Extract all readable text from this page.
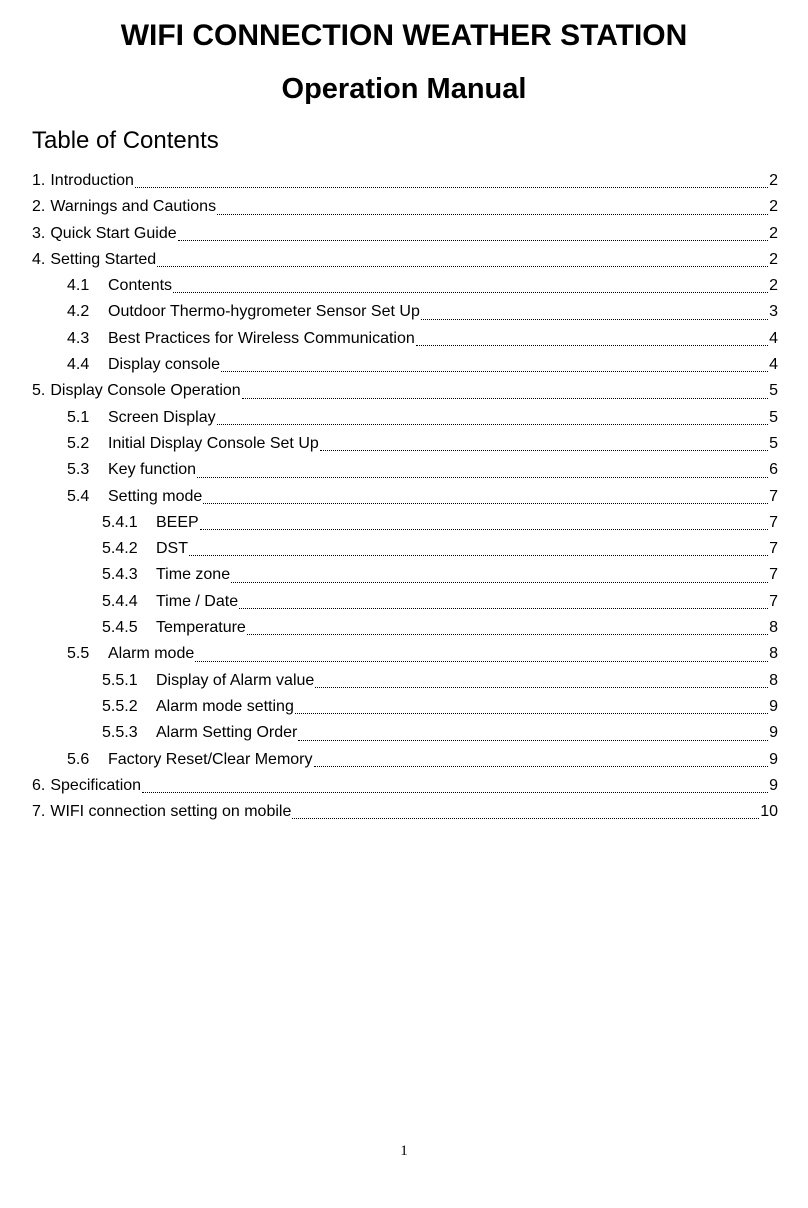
WIFI CONNECTION WEATHER STATION
Operation Manual
Table of Contents
1. Introduction	2
2. Warnings and Cautions	2
3. Quick Start Guide	2
4. Setting Started	2
4.1	Contents	2
4.2	Outdoor Thermo-hygrometer Sensor Set Up	3
4.3	Best Practices for Wireless Communication	4
4.4	Display console	4
5. Display Console Operation	5
5.1	Screen Display	5
5.2	Initial Display Console Set Up	5
5.3	Key function	6
5.4	Setting mode	7
5.4.1	BEEP	7
5.4.2	DST	7
5.4.3	Time zone	7
5.4.4	Time / Date	7
5.4.5	Temperature	8
5.5	Alarm mode	8
5.5.1	Display of Alarm value	8
5.5.2	Alarm mode setting	9
5.5.3	Alarm Setting Order	9
5.6	Factory Reset/Clear Memory	9
6. Specification	9
7. WIFI connection setting on mobile	10
1
